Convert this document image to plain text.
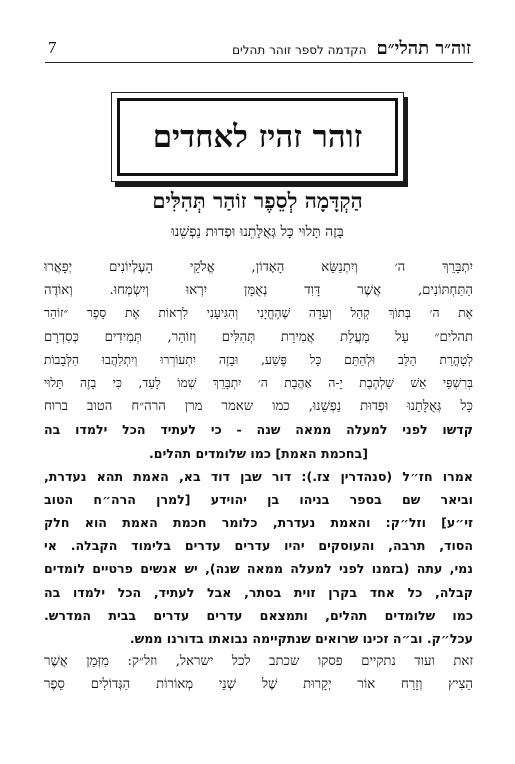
7	זוה״ר תהלי״ם
הקדמה לספר זוהר תהלים
זוהר זהיז לאחדים
הַקְדָּמָה לְסֵפֶר זוֹהַר תְּהִלִּים
בָּזֶה תָּלוּי כָּל גְּאֻלָּתֵנוּ וּפְדוּת נַפְשֵׁנוּ
יִתְבָּרֵךְ ה׳ וְיִתְנַשֵּׂא הָאָדוֹן, אֱלֹקֵי הָעֶלְיוֹנִים יְפָאֲרוּ
הַתַּחְתּוֹנִים, אֲשֶׁר דָּוִד נְאֻמָּן יִרְאוּ וְיִשְׂמְחוּ. וְאוֹדֶה
אֶת ה׳ בְּתוֹךְ קְהַל וְעֵדָה שֶׁהֶחֱיָנִי וְהִגִּיעָנִי לִרְאוֹת אֶת סֵפֶר ״זוֹהַר
תהלים״ עַל מַעֲלַת אֲמִירַת תְּהִלִּים וְזוֹהַר, תְּמִידִים כְּסִדְרָם
לְטָהֳרַת הַלֵּב וּלְהַתֵּם כָּל פֶּשַׁע, וּבָזֶה יִתְעוֹרְרוּ וְיִתְלַהֲבוּ הַלְּבָבוֹת
בְּרִשְׁפֵּי אֵשׁ שַׁלְהֶבֶת יָ-ה אַהֲבַת ה׳ יִתְבָּרֵךְ שְׁמוֹ לָעַד, כִּי בָזֶה תָּלוּי
כָּל גְּאֻלָּתֵנוּ וּפְדוּת נַפְשֵׁנוּ, כמו שאמר מרן הרה״ח הטוב ברוח
קדשו לפני למעלה ממאה שנה - כי לעתיד הכל ילמדו בה
[בחכמת האמת] כמו שלומדים תהלים.
אמרו חז״ל (סנהדרין צז.): דור שבן דוד בא, האמת תהא נעדרת,
וביאר שם בספר בניהו בן יהוידע [למרן הרה״ח הטוב
זי״ע] וזל״ק: והאמת נעדרת, כלומר חכמת האמת הוא חלק
הסוד, תרבה, והעוסקים יהיו עדרים עדרים בלימוד הקבלה. אי
נמי, עתה (בזמנו לפני למעלה ממאה שנה), יש אנשים פרטיים לומדים
קבלה, כל אחד בקרן זוית בסתר, אבל לעתיד, הכל ילמדו בה
כמו שלומדים תהלים, ותמצאם עדרים עדרים בבית המדרש.
עכל״ק. וב״ה זכינו שרואים שנתקיימה נבואתו בדורנו ממש.
זאת ועוד נתקיים פסקו שכתב לכל ישראל, וזל״ק: מִזְּמַן אֲשֶׁר
הֵצִיץ וְזָרַח אוֹר יְקָרוּת שֶׁל שְׁנֵי מְאוֹרוֹת הַגְּדוֹלִים סֵפֶר
